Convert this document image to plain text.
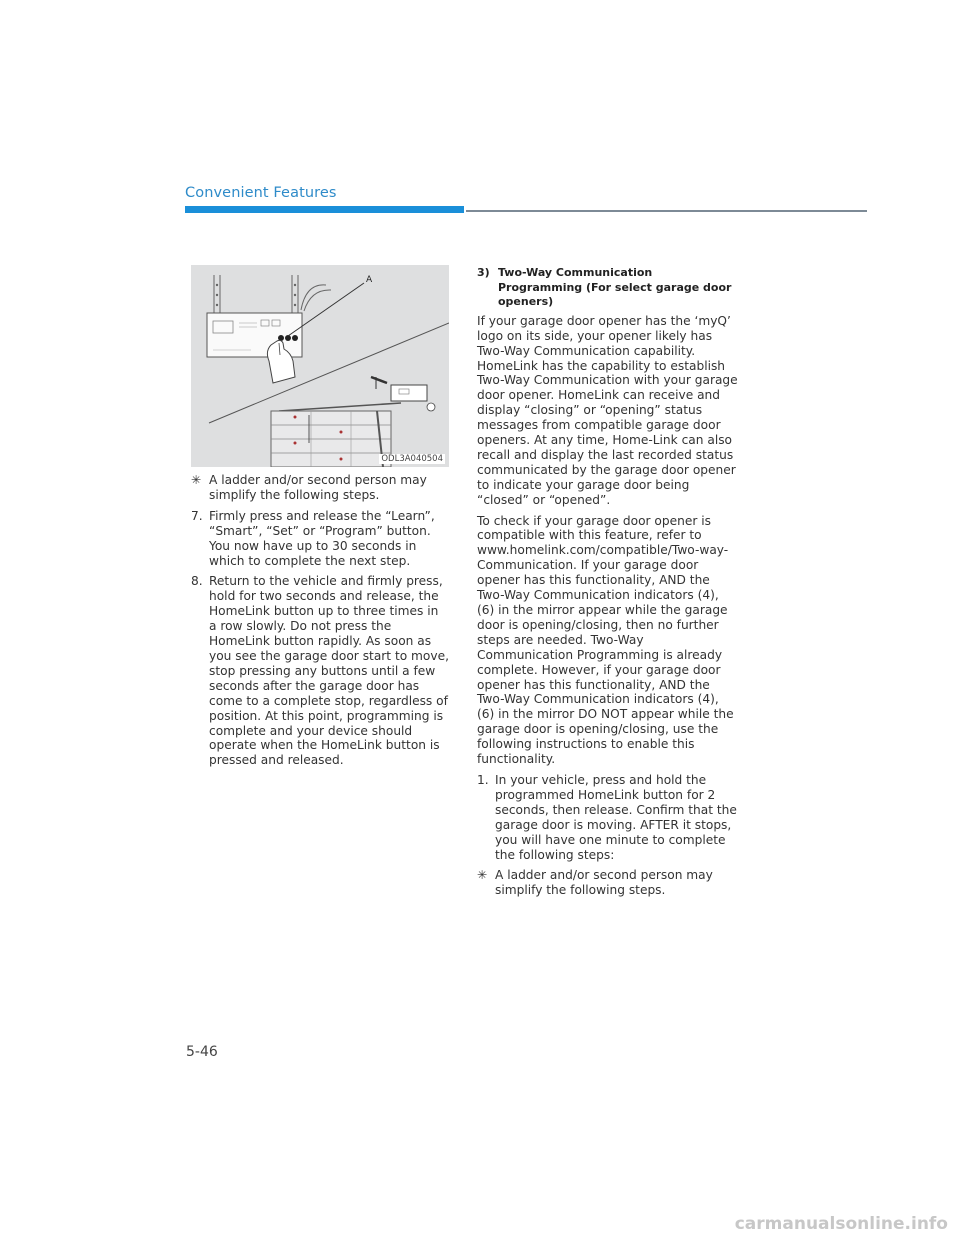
Convenient Features
A
ODL3A040504
✳ A ladder and/or second person may simplify the following steps.
7. Firmly press and release the “Learn”, “Smart”, “Set” or “Program” button. You now have up to 30 seconds in which to complete the next step.
8. Return to the vehicle and firmly press, hold for two seconds and release, the HomeLink button up to three times in a row slowly. Do not press the HomeLink button rapidly. As soon as you see the garage door start to move, stop pressing any buttons until a few seconds after the garage door has come to a complete stop, regardless of position. At this point, programming is complete and your device should operate when the HomeLink button is pressed and released.
3) Two-Way Communication Programming (For select garage door openers)

If your garage door opener has the ‘myQ’ logo on its side, your opener likely has Two-Way Communication capability. HomeLink has the capability to establish Two-Way Communication with your garage door opener. HomeLink can receive and display “closing” or “opening” status messages from compatible garage door openers. At any time, Home-Link can also recall and display the last recorded status communicated by the garage door opener to indicate your garage door being “closed” or “opened”.

To check if your garage door opener is compatible with this feature, refer to www.homelink.com/compatible/Two-way-Communication. If your garage door opener has this functionality, AND the Two-Way Communication indicators (4), (6) in the mirror appear while the garage door is opening/closing, then no further steps are needed. Two-Way Communication Programming is already complete. However, if your garage door opener has this functionality, AND the Two-Way Communication indicators (4), (6) in the mirror DO NOT appear while the garage door is opening/closing, use the following instructions to enable this functionality.

1. In your vehicle, press and hold the programmed HomeLink button for 2 seconds, then release. Confirm that the garage door is moving. AFTER it stops, you will have one minute to complete the following steps:
✳ A ladder and/or second person may simplify the following steps.
5-46
carmanualsonline.info
